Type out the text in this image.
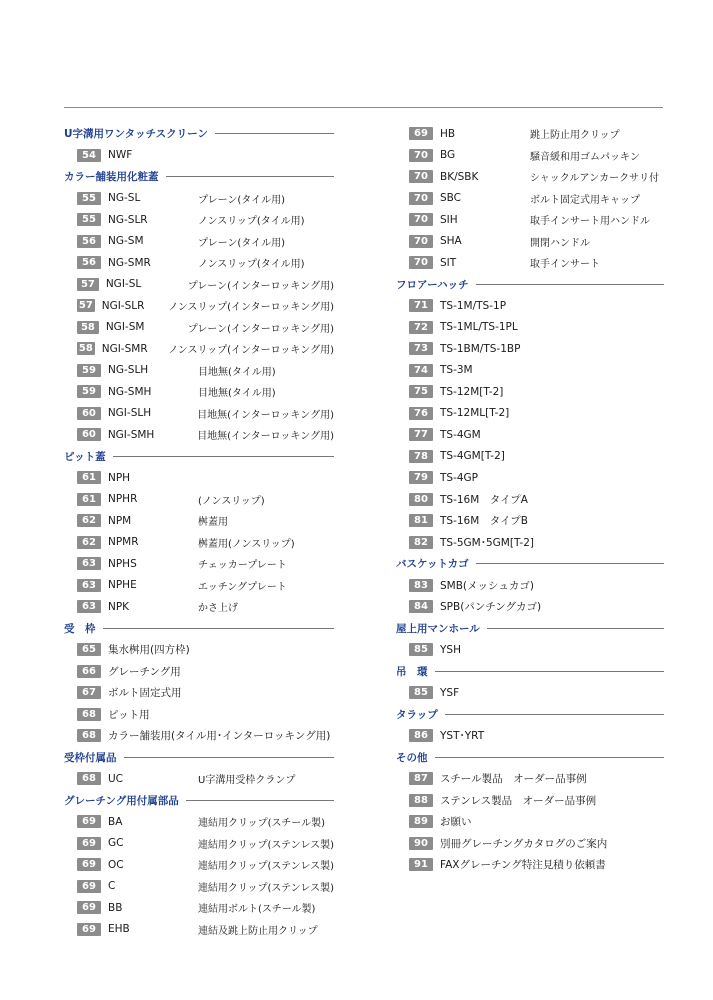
U字溝用ワンタッチスクリーン
54	NWF
カラー舗装用化粧蓋
55	NG-SL	プレーン(タイル用)
55	NG-SLR	ノンスリップ(タイル用)
56	NG-SM	プレーン(タイル用)
56	NG-SMR	ノンスリップ(タイル用)
57	NGI-SL	プレーン(インターロッキング用)
57 NGI-SLR	ノンスリップ(インターロッキング用)
58	NGI-SM	プレーン(インターロッキング用)
58 NGI-SMR	ノンスリップ(インターロッキング用)
59	NG-SLH	目地無(タイル用)
59	NG-SMH	目地無(タイル用)
60	NGI-SLH	目地無(インターロッキング用)
60	NGI-SMH	目地無(インターロッキング用)
ピット蓋
61	NPH
61	NPHR	(ノンスリップ)
62	NPM	桝蓋用
62	NPMR	桝蓋用(ノンスリップ)
63	NPHS	チェッカープレート
63	NPHE	エッチングプレート
63	NPK	かさ上げ
受　枠
65	集水桝用(四方枠)
66	グレーチング用
67	ボルト固定式用
68	ピット用
68	カラー舗装用(タイル用･インターロッキング用)
受枠付属品
68	UC	U字溝用受枠クランプ
グレーチング用付属部品
69	BA	連結用クリップ(スチール製)
69	GC	連結用クリップ(ステンレス製)
69	OC	連結用クリップ(ステンレス製)
69	C	連結用クリップ(ステンレス製)
69	BB	連結用ボルト(スチール製)
69	EHB	連結及跳上防止用クリップ
69	HB	跳上防止用クリップ
70	BG	騒音緩和用ゴムパッキン
70	BK/SBK	シャックルアンカークサリ付
70	SBC	ボルト固定式用キャップ
70	SIH	取手インサート用ハンドル
70	SHA	開閉ハンドル
70	SIT	取手インサート
フロアーハッチ
71	TS-1M/TS-1P
72	TS-1ML/TS-1PL
73	TS-1BM/TS-1BP
74	TS-3M
75	TS-12M[T-2]
76	TS-12ML[T-2]
77	TS-4GM
78	TS-4GM[T-2]
79	TS-4GP
80	TS-16M　タイプA
81	TS-16M　タイプB
82	TS-5GM･5GM[T-2]
バスケットカゴ
83	SMB(メッシュカゴ)
84	SPB(パンチングカゴ)
屋上用マンホール
85	YSH
吊　環
85	YSF
タラップ
86	YST･YRT
その他
87	スチール製品　オーダー品事例
88	ステンレス製品　オーダー品事例
89	お願い
90	別冊グレーチングカタログのご案内
91	FAXグレーチング特注見積り依頼書
